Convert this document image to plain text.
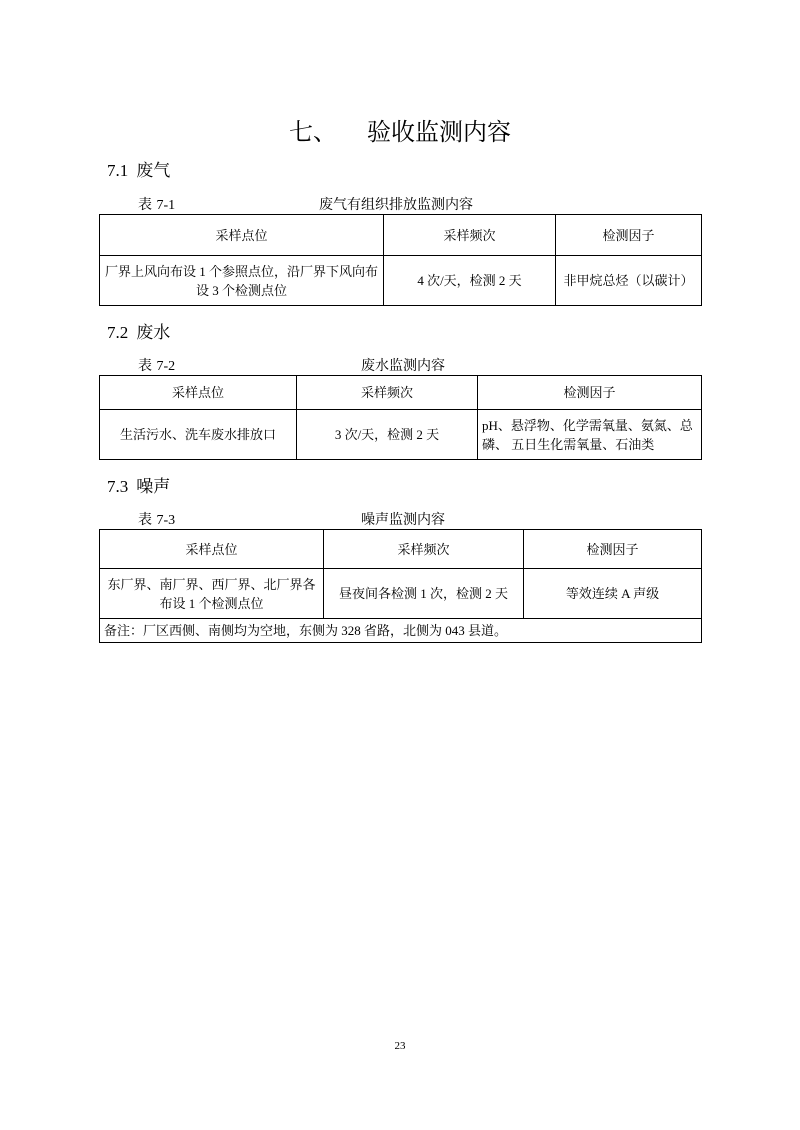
七、 验收监测内容
7.1 废气
表 7-1	废气有组织排放监测内容
采样点位	采样频次	检测因子
厂界上风向布设 1 个参照点位，沿厂界下风向布设 3 个检测点位	4 次/天，检测 2 天	非甲烷总烃（以碳计）
7.2 废水
表 7-2	废水监测内容
采样点位	采样频次	检测因子
生活污水、洗车废水排放口	3 次/天，检测 2 天	pH、悬浮物、化学需氧量、氨氮、总磷、 五日生化需氧量、石油类
7.3 噪声
表 7-3	噪声监测内容
采样点位	采样频次	检测因子
东厂界、南厂界、西厂界、北厂界各布设 1 个检测点位	昼夜间各检测 1 次，检测 2 天	等效连续 A 声级
备注：厂区西侧、南侧均为空地，东侧为 328 省路，北侧为 043 县道。		
23
